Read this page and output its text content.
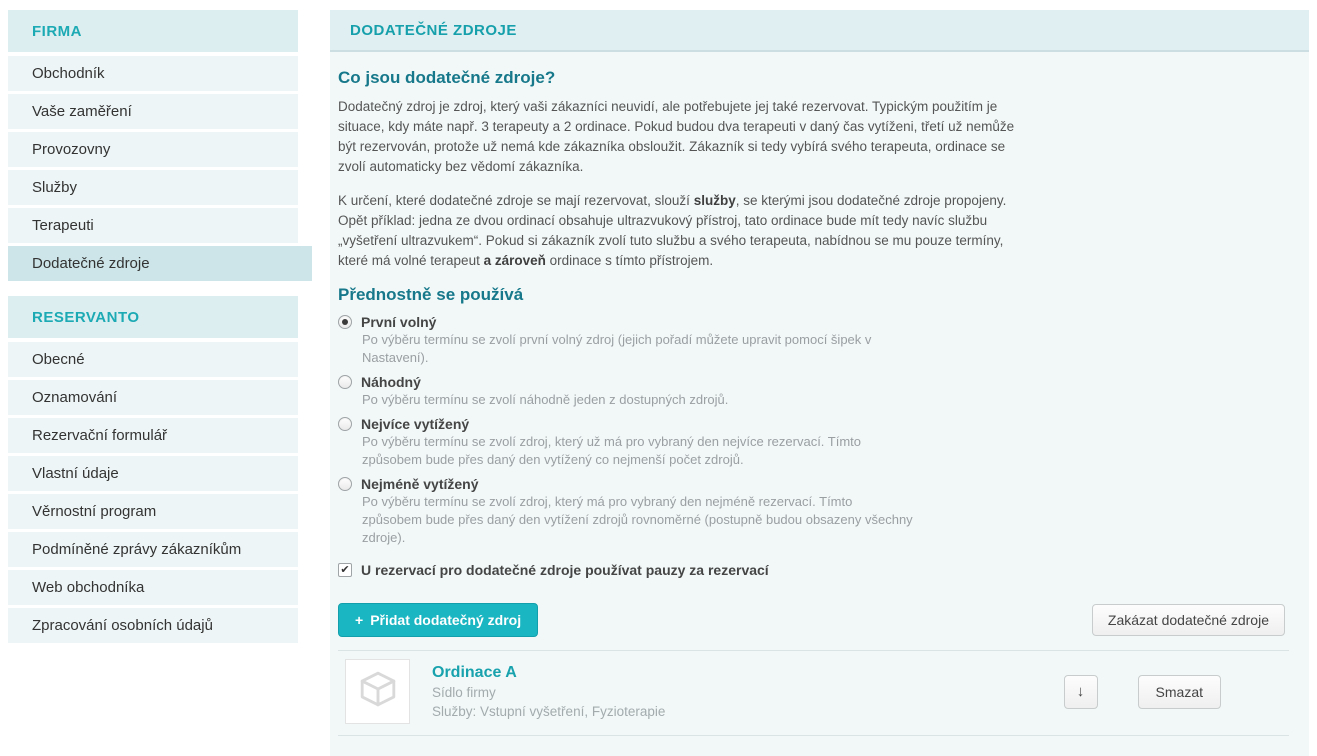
FIRMA
Obchodník
Vaše zaměření
Provozovny
Služby
Terapeuti
Dodatečné zdroje
RESERVANTO
Obecné
Oznamování
Rezervační formulář
Vlastní údaje
Věrnostní program
Podmíněné zprávy zákazníkům
Web obchodníka
Zpracování osobních údajů
DODATEČNÉ ZDROJE
Co jsou dodatečné zdroje?

Dodatečný zdroj je zdroj, který vaši zákazníci neuvidí, ale potřebujete jej také rezervovat. Typickým použitím je situace, kdy máte např. 3 terapeuty a 2 ordinace. Pokud budou dva terapeuti v daný čas vytíženi, třetí už nemůže být rezervován, protože už nemá kde zákazníka obsloužit. Zákazník si tedy vybírá svého terapeuta, ordinace se zvolí automaticky bez vědomí zákazníka.

K určení, které dodatečné zdroje se mají rezervovat, slouží služby, se kterými jsou dodatečné zdroje propojeny. Opět příklad: jedna ze dvou ordinací obsahuje ultrazvukový přístroj, tato ordinace bude mít tedy navíc službu „vyšetření ultrazvukem“. Pokud si zákazník zvolí tuto službu a svého terapeuta, nabídnou se mu pouze termíny, které má volné terapeut a zároveň ordinace s tímto přístrojem.

Přednostně se používá
První volný
Po výběru termínu se zvolí první volný zdroj (jejich pořadí můžete upravit pomocí šipek v Nastavení).
Náhodný
Po výběru termínu se zvolí náhodně jeden z dostupných zdrojů.
Nejvíce vytížený
Po výběru termínu se zvolí zdroj, který už má pro vybraný den nejvíce rezervací. Tímto způsobem bude přes daný den vytížený co nejmenší počet zdrojů.
Nejméně vytížený
Po výběru termínu se zvolí zdroj, který má pro vybraný den nejméně rezervací. Tímto způsobem bude přes daný den vytížení zdrojů rovnoměrné (postupně budou obsazeny všechny zdroje).
✔
U rezervací pro dodatečné zdroje používat pauzy za rezervací
+ Přidat dodatečný zdroj	Zakázat dodatečné zdroje
Ordinace A
Sídlo firmy
Služby: Vstupní vyšetření, Fyzioterapie
↓	Smazat
